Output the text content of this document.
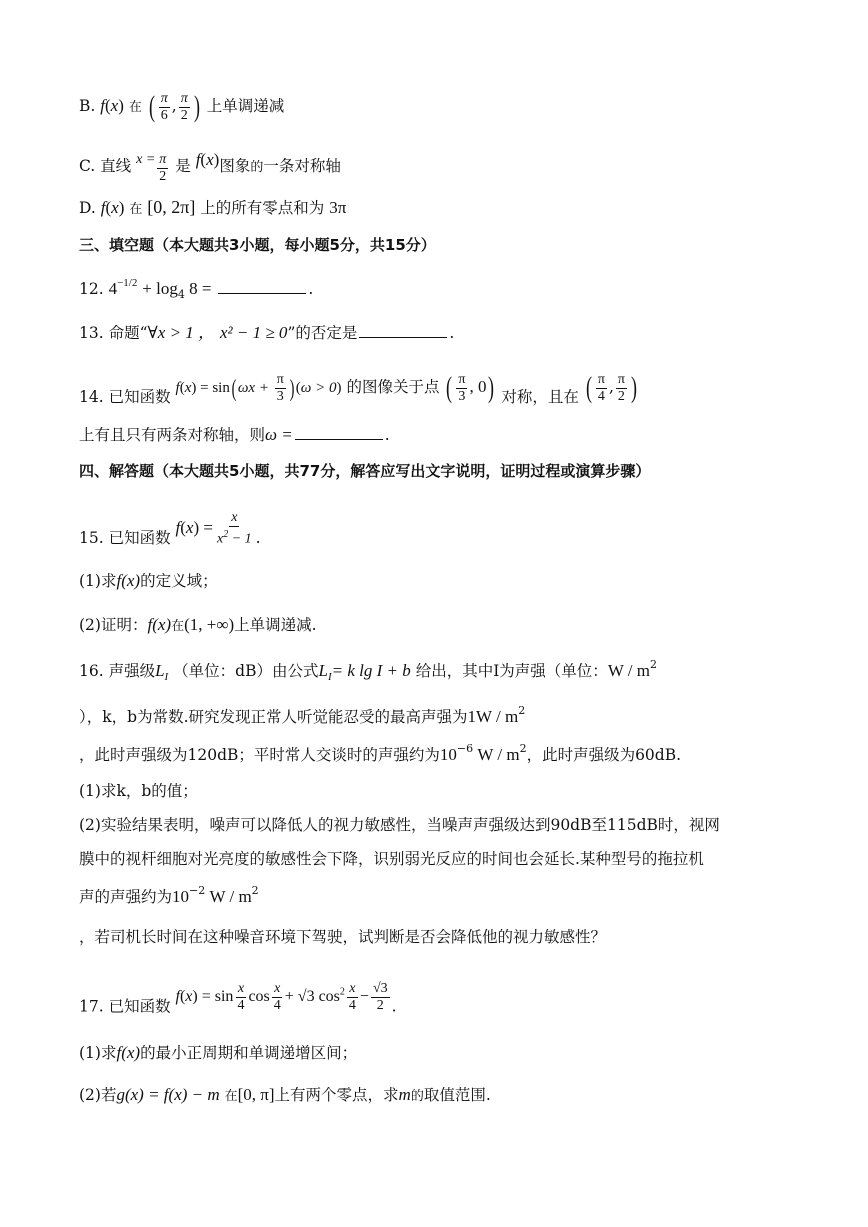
B. f(x) 在 ( $\frac{\pi}{6}$ , $\frac{\pi}{2}$ ) 上单调递减
C. 直线 $x = \frac{\pi}{2}$ 是 f(x)图象的一条对称轴
D. f(x) 在 [0, 2π] 上的所有零点和为 3π
三、填空题（本大题共3小题，每小题5分，共15分）
12. $4^{-1/2} + \log_4 8$ =	.
13. 命题“∀x > 1 ， x² − 1 ≥ 0”的否定是	.
14. 已知函数 f(x) = sin( $\omega x + \frac{\pi}{3}$ ) (ω > 0) 的图像关于点 ( $\frac{\pi}{3}$ , 0) 对称，且在 ( $\frac{\pi}{4}$ , $\frac{\pi}{2}$ )
上有且只有两条对称轴，则ω =	.
四、解答题（本大题共5小题，共77分，解答应写出文字说明，证明过程或演算步骤）
15. 已知函数 $f(x) = \frac{x}{x^2 - 1}$ .
(1)求f(x)的定义域；
(2)证明：f(x)在(1, +∞)上单调递减.
16. 声强级$L_I$ （单位：dB）由公式$L_I= k$ lg I + b 给出，其中I为声强（单位：W / $m^2$
），k，b为常数.研究发现正常人听觉能忍受的最高声强为$1W / m^2$
，此时声强级为120dB；平时常人交谈时的声强约为$10^{-6}$ W / $m^2$，此时声强级为60dB.
(1)求k，b的值；
(2)实验结果表明，噪声可以降低人的视力敏感性，当噪声声强级达到90dB至115dB时，视网
膜中的视杆细胞对光亮度的敏感性会下降，识别弱光反应的时间也会延长.某种型号的拖拉机
声的声强约为$10^{-2}$ W / $m^2$
，若司机长时间在这种噪音环境下驾驶，试判断是否会降低他的视力敏感性？
17. 已知函数 $f(x) = \sin \frac{x}{4}$ $\cos \frac{x}{4} + √3$ $\cos^2 \frac{x}{4} - \frac{√3}{2}$ .
(1)求f(x)的最小正周期和单调递增区间；
(2)若g(x) = f(x) − m 在[0, π]上有两个零点，求m的取值范围.
